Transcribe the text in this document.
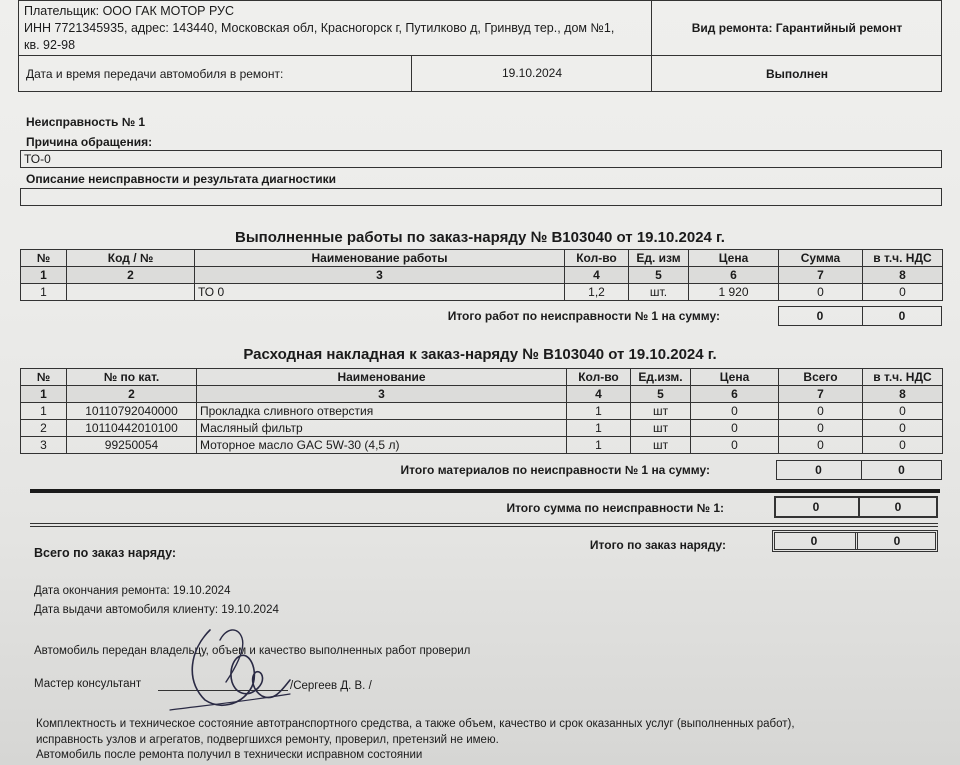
Плательщик: ООО ГАК МОТОР РУС
ИНН 7721345935, адрес: 143440, Московская обл, Красногорск г, Путилково д, Гринвуд тер., дом №1,
кв. 92-98
Вид ремонта: Гарантийный ремонт
Дата и время передачи автомобиля в ремонт:	19.10.2024	Выполнен
Неисправность № 1
Причина обращения:
ТО-0
Описание неисправности и результата диагностики
Выполненные работы по заказ-наряду № В103040 от 19.10.2024 г.
№	Код / №	Наименование работы	Кол-во	Ед. изм	Цена	Сумма	в т.ч. НДС
1	2	3	4	5	6	7	8
1		ТО 0	1,2	шт.	1 920	0	0
Итого работ по неисправности № 1 на сумму:	0	0
Расходная накладная к заказ-наряду № В103040 от 19.10.2024 г.
№	№ по кат.	Наименование	Кол-во	Ед.изм.	Цена	Всего	в т.ч. НДС
1	2	3	4	5	6	7	8
1	10110792040000	Прокладка сливного отверстия	1	шт	0	0	0
2	10110442010100	Масляный фильтр	1	шт	0	0	0
3	99250054	Моторное масло GAC 5W-30 (4,5 л)	1	шт	0	0	0
Итого материалов по неисправности № 1 на сумму:	0	0
Итого сумма по неисправности № 1:	0	0
Итого по заказ наряду:	0	0
Всего по заказ наряду:
Дата окончания ремонта: 19.10.2024
Дата выдачи автомобиля клиенту: 19.10.2024
Автомобиль передан владельцу, объем и качество выполненных работ проверил
Мастер консультант	/Сергеев Д. В. /
Комплектность и техническое состояние автотранспортного средства, а также объем, качество и срок оказанных услуг (выполненных работ),
исправность узлов и агрегатов, подвергшихся ремонту, проверил, претензий не имею.
Автомобиль после ремонта получил в технически исправном состоянии
